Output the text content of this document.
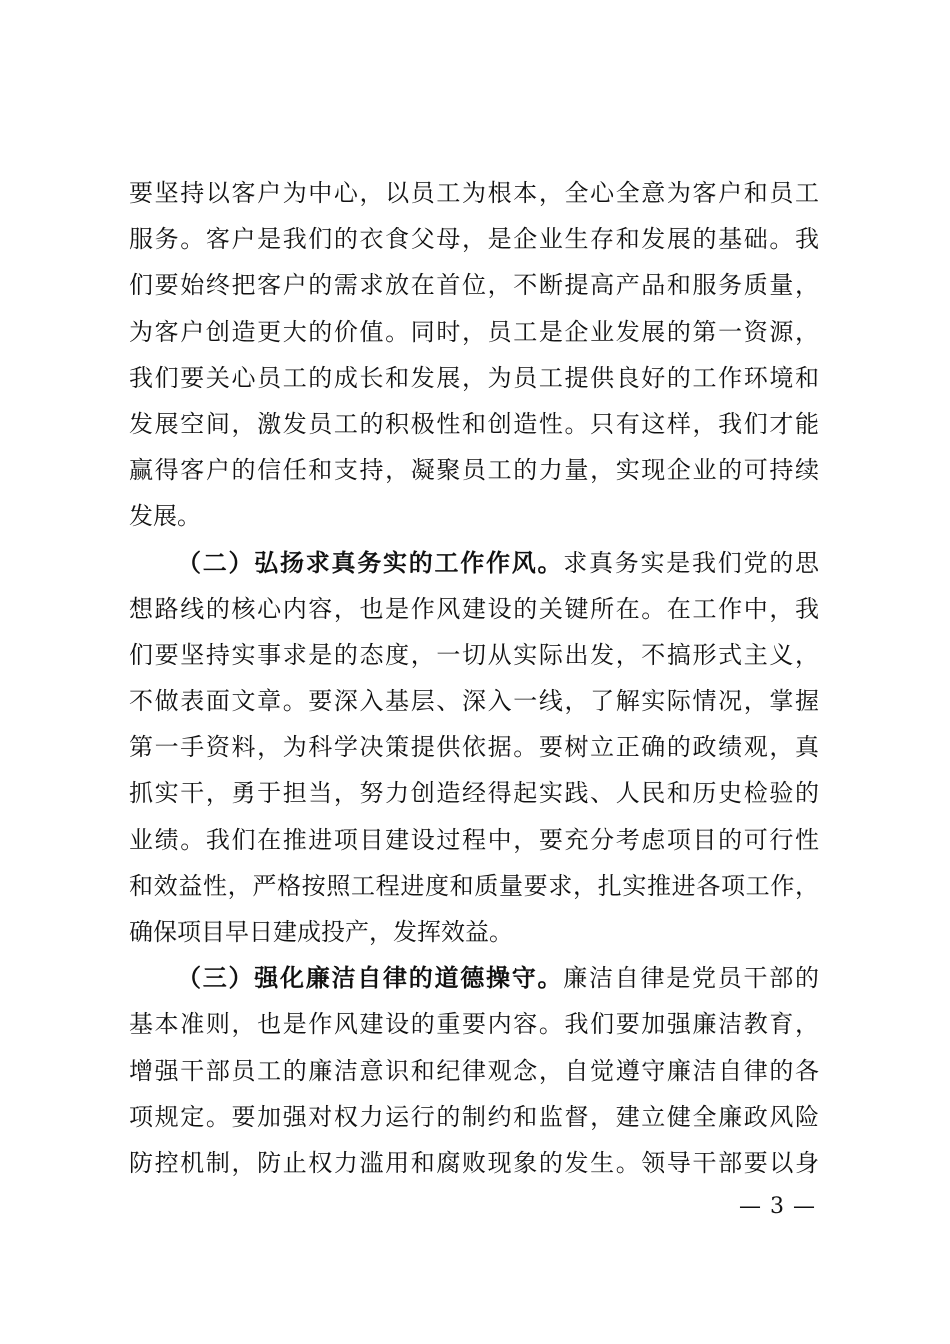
要坚持以客户为中心，以员工为根本，全心全意为客户和员工
服务。客户是我们的衣食父母，是企业生存和发展的基础。我
们要始终把客户的需求放在首位，不断提高产品和服务质量，
为客户创造更大的价值。同时，员工是企业发展的第一资源，
我们要关心员工的成长和发展，为员工提供良好的工作环境和
发展空间，激发员工的积极性和创造性。只有这样，我们才能
赢得客户的信任和支持，凝聚员工的力量，实现企业的可持续
发展。
（二）弘扬求真务实的工作作风。求真务实是我们党的思
想路线的核心内容，也是作风建设的关键所在。在工作中，我
们要坚持实事求是的态度，一切从实际出发，不搞形式主义，
不做表面文章。要深入基层、深入一线，了解实际情况，掌握
第一手资料，为科学决策提供依据。要树立正确的政绩观，真
抓实干，勇于担当，努力创造经得起实践、人民和历史检验的
业绩。我们在推进项目建设过程中，要充分考虑项目的可行性
和效益性，严格按照工程进度和质量要求，扎实推进各项工作，
确保项目早日建成投产，发挥效益。
（三）强化廉洁自律的道德操守。廉洁自律是党员干部的
基本准则，也是作风建设的重要内容。我们要加强廉洁教育，
增强干部员工的廉洁意识和纪律观念，自觉遵守廉洁自律的各
项规定。要加强对权力运行的制约和监督，建立健全廉政风险
防控机制，防止权力滥用和腐败现象的发生。领导干部要以身
— 3 —
